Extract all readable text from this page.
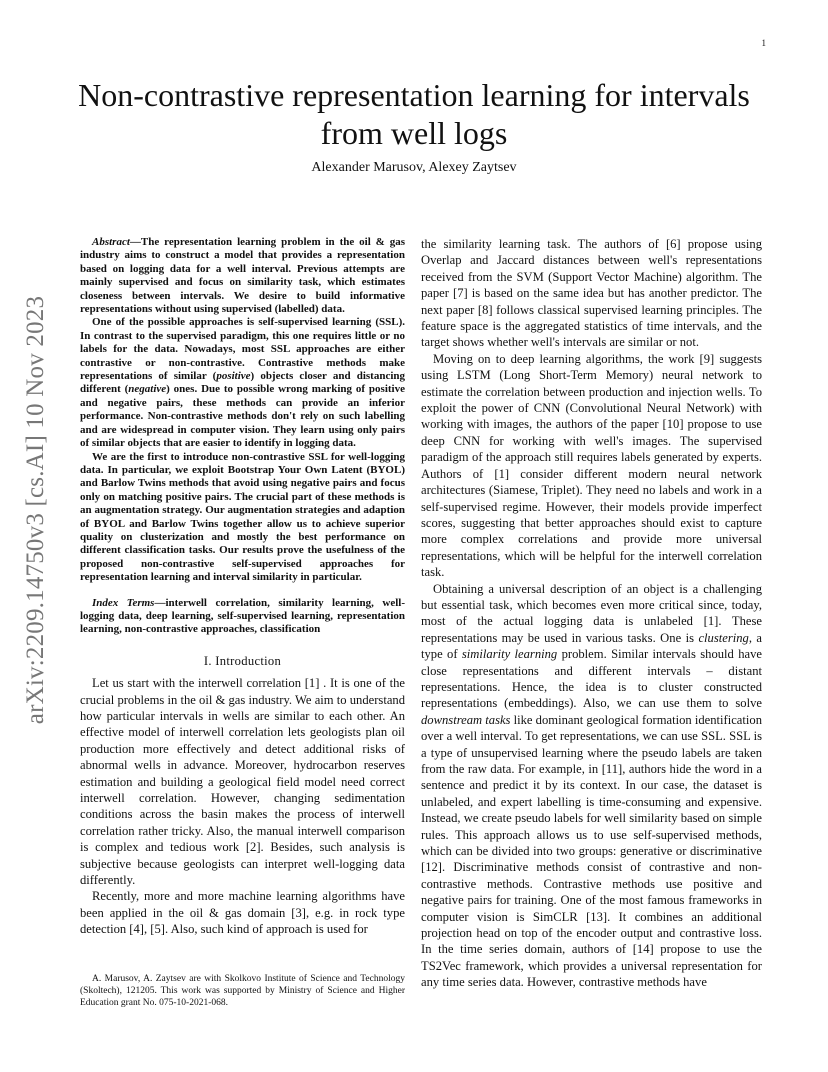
1
arXiv:2209.14750v3 [cs.AI] 10 Nov 2023
Non-contrastive representation learning for intervals from well logs
Alexander Marusov, Alexey Zaytsev

Abstract—The representation learning problem in the oil & gas industry aims to construct a model that provides a representation based on logging data for a well interval. Previous attempts are mainly supervised and focus on similarity task, which estimates closeness between intervals. We desire to build informative representations without using supervised (labelled) data.

One of the possible approaches is self-supervised learning (SSL). In contrast to the supervised paradigm, this one requires little or no labels for the data. Nowadays, most SSL approaches are either contrastive or non-contrastive. Contrastive methods make representations of similar (positive) objects closer and distancing different (negative) ones. Due to possible wrong marking of positive and negative pairs, these methods can provide an inferior performance. Non-contrastive methods don't rely on such labelling and are widespread in computer vision. They learn using only pairs of similar objects that are easier to identify in logging data.

We are the first to introduce non-contrastive SSL for well-logging data. In particular, we exploit Bootstrap Your Own Latent (BYOL) and Barlow Twins methods that avoid using negative pairs and focus only on matching positive pairs. The crucial part of these methods is an augmentation strategy. Our augmentation strategies and adaption of BYOL and Barlow Twins together allow us to achieve superior quality on clusterization and mostly the best performance on different classification tasks. Our results prove the usefulness of the proposed non-contrastive self-supervised approaches for representation learning and interval similarity in particular.

Index Terms—interwell correlation, similarity learning, well-logging data, deep learning, self-supervised learning, representation learning, non-contrastive approaches, classification

I. Introduction

Let us start with the interwell correlation [1] . It is one of the crucial problems in the oil & gas industry. We aim to understand how particular intervals in wells are similar to each other. An effective model of interwell correlation lets geologists plan oil production more effectively and detect additional risks of abnormal wells in advance. Moreover, hydrocarbon reserves estimation and building a geological field model need correct interwell correlation. However, changing sedimentation conditions across the basin makes the process of interwell correlation rather tricky. Also, the manual interwell comparison is complex and tedious work [2]. Besides, such analysis is subjective because geologists can interpret well-logging data differently.

Recently, more and more machine learning algorithms have been applied in the oil & gas domain [3], e.g. in rock type detection [4], [5]. Also, such kind of approach is used for

A. Marusov, A. Zaytsev are with Skolkovo Institute of Science and Technology (Skoltech), 121205. This work was supported by Ministry of Science and Higher Education grant No. 075-10-2021-068.

the similarity learning task. The authors of [6] propose using Overlap and Jaccard distances between well's representations received from the SVM (Support Vector Machine) algorithm. The paper [7] is based on the same idea but has another predictor. The next paper [8] follows classical supervised learning principles. The feature space is the aggregated statistics of time intervals, and the target shows whether well's intervals are similar or not.

Moving on to deep learning algorithms, the work [9] suggests using LSTM (Long Short-Term Memory) neural network to estimate the correlation between production and injection wells. To exploit the power of CNN (Convolutional Neural Network) with working with images, the authors of the paper [10] propose to use deep CNN for working with well's images. The supervised paradigm of the approach still requires labels generated by experts. Authors of [1] consider different modern neural network architectures (Siamese, Triplet). They need no labels and work in a self-supervised regime. However, their models provide imperfect scores, suggesting that better approaches should exist to capture more complex correlations and provide more universal representations, which will be helpful for the interwell correlation task.

Obtaining a universal description of an object is a challenging but essential task, which becomes even more critical since, today, most of the actual logging data is unlabeled [1]. These representations may be used in various tasks. One is clustering, a type of similarity learning problem. Similar intervals should have close representations and different intervals – distant representations. Hence, the idea is to cluster constructed representations (embeddings). Also, we can use them to solve downstream tasks like dominant geological formation identification over a well interval. To get representations, we can use SSL. SSL is a type of unsupervised learning where the pseudo labels are taken from the raw data. For example, in [11], authors hide the word in a sentence and predict it by its context. In our case, the dataset is unlabeled, and expert labelling is time-consuming and expensive. Instead, we create pseudo labels for well similarity based on simple rules. This approach allows us to use self-supervised methods, which can be divided into two groups: generative or discriminative [12]. Discriminative methods consist of contrastive and non-contrastive methods. Contrastive methods use positive and negative pairs for training. One of the most famous frameworks in computer vision is SimCLR [13]. It combines an additional projection head on top of the encoder output and contrastive loss. In the time series domain, authors of [14] propose to use the TS2Vec framework, which provides a universal representation for any time series data. However, contrastive methods have
